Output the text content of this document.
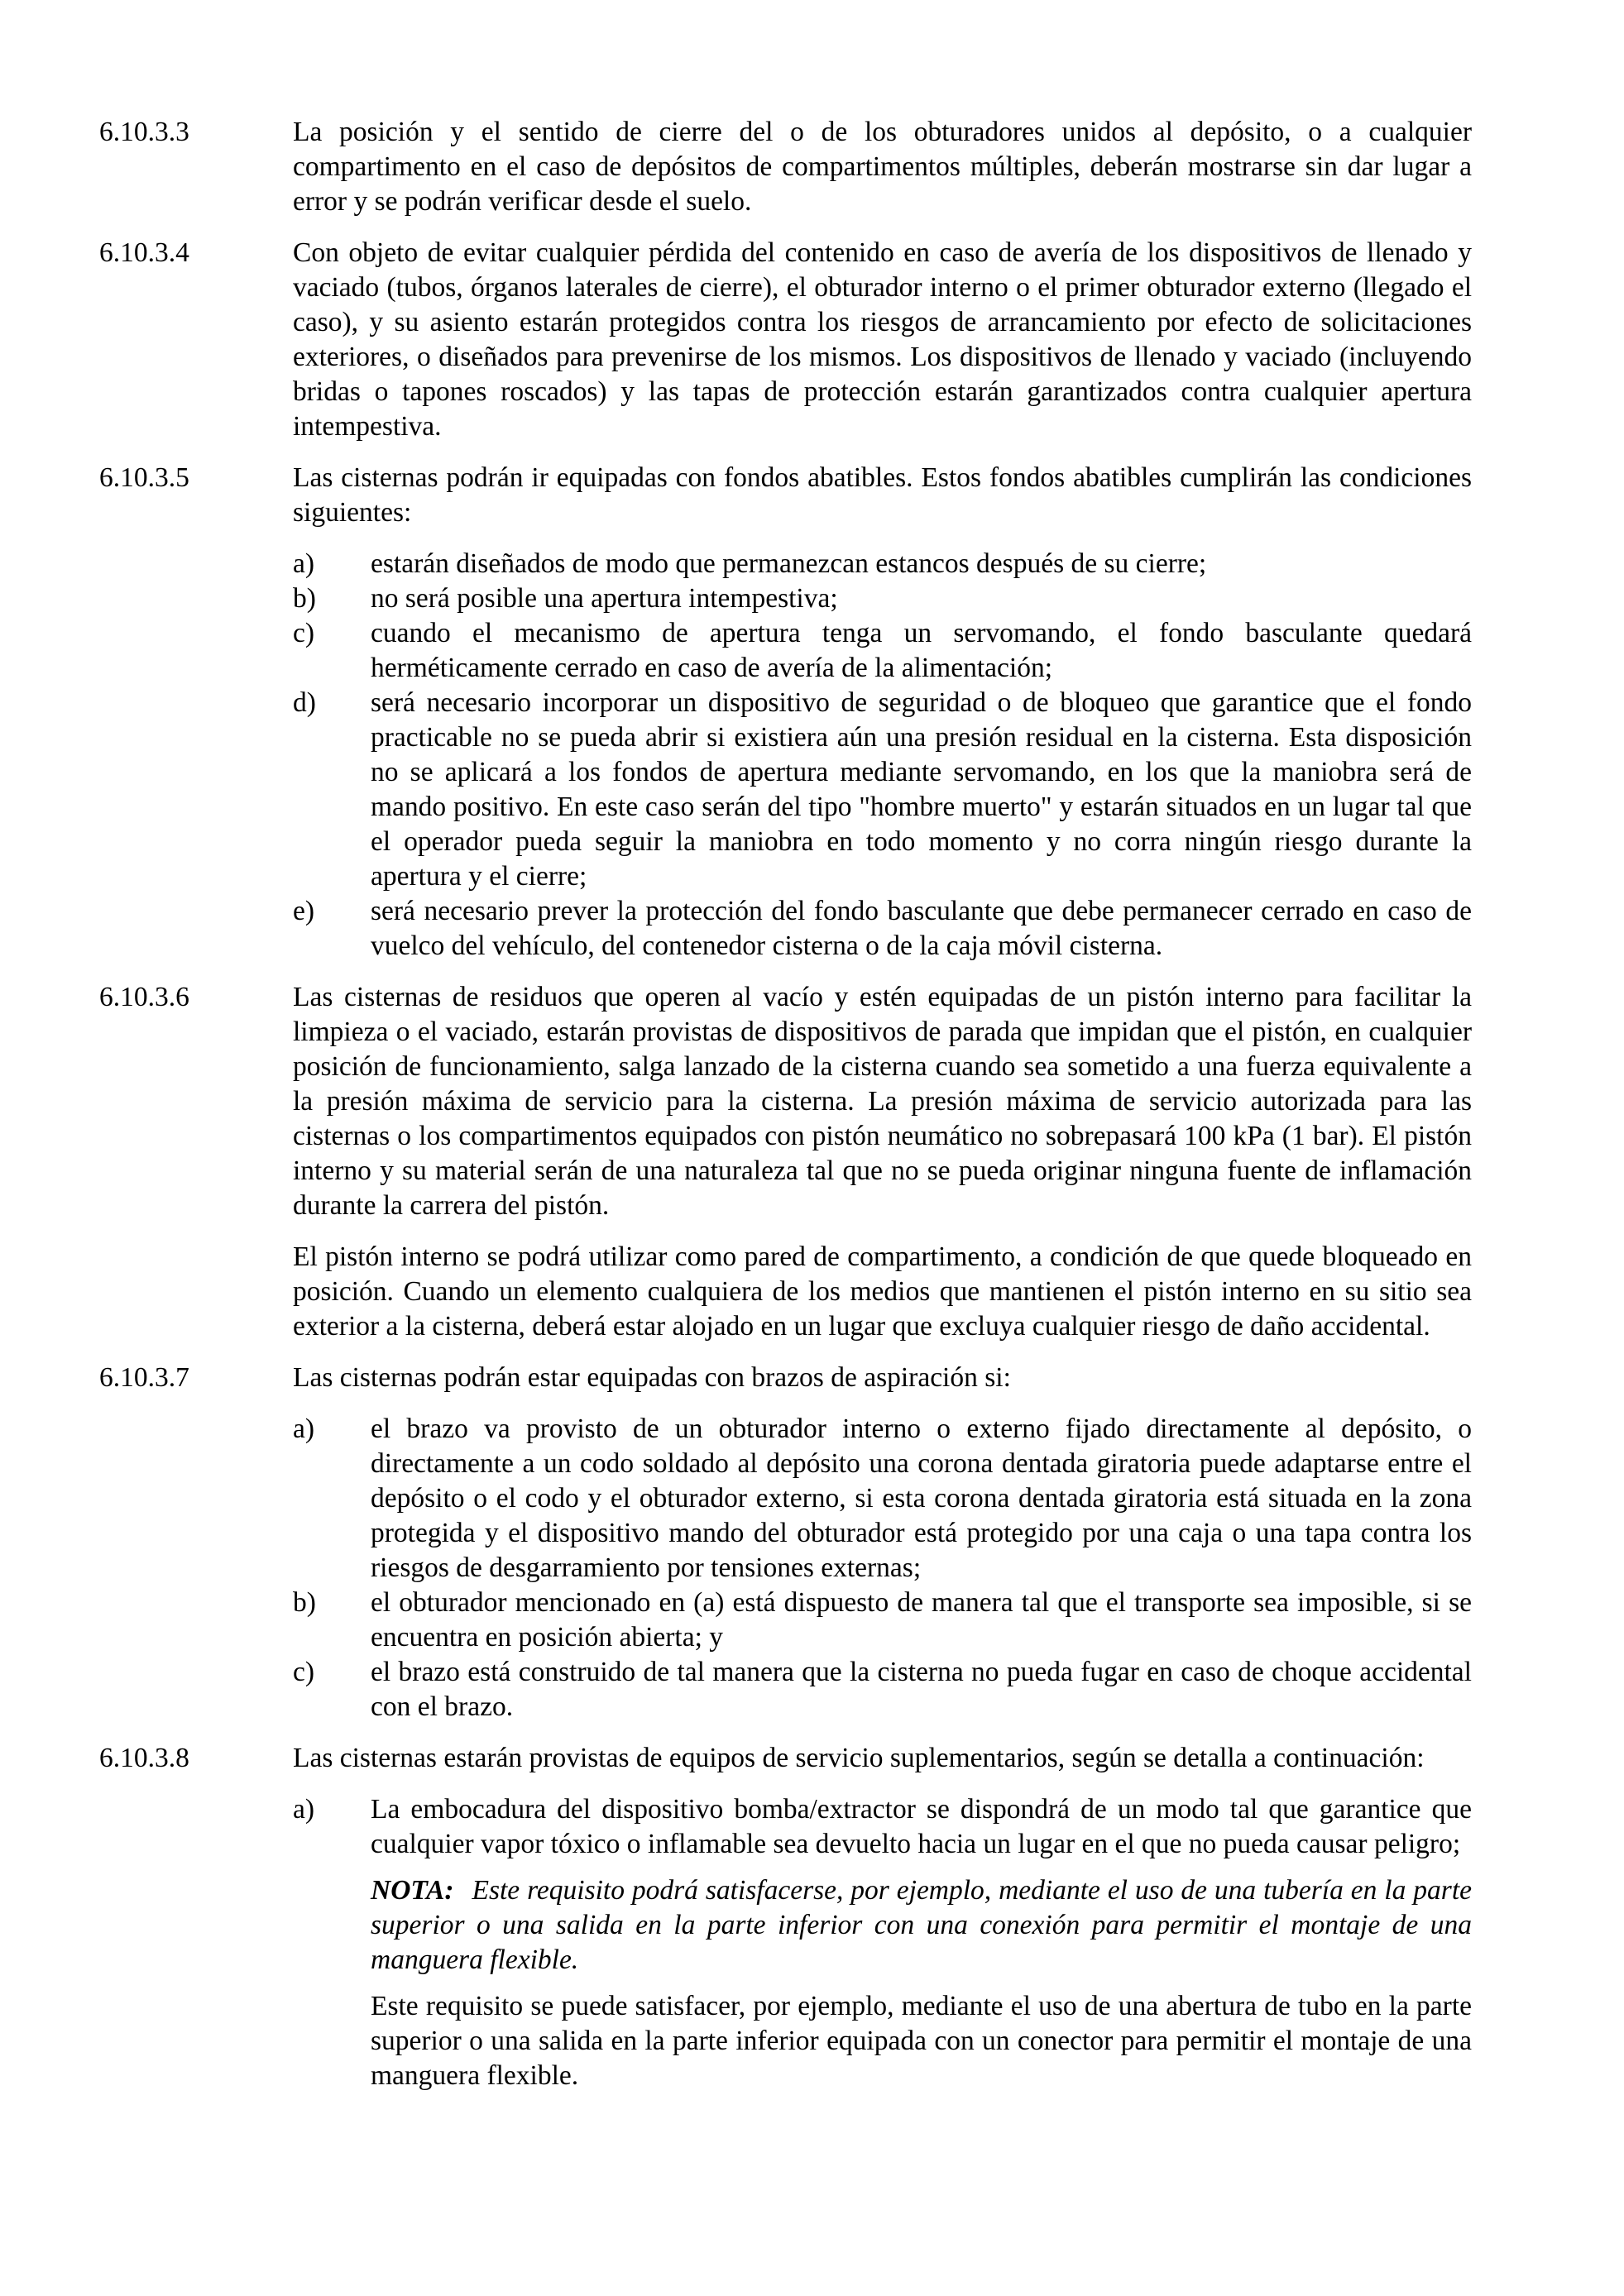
6.10.3.3	La posición y el sentido de cierre del o de los obturadores unidos al depósito, o a cualquier compartimento en el caso de depósitos de compartimentos múltiples, deberán mostrarse sin dar lugar a error y se podrán verificar desde el suelo.

6.10.3.4	Con objeto de evitar cualquier pérdida del contenido en caso de avería de los dispositivos de llenado y vaciado (tubos, órganos laterales de cierre), el obturador interno o el primer obturador externo (llegado el caso), y su asiento estarán protegidos contra los riesgos de arrancamiento por efecto de solicitaciones exteriores, o diseñados para prevenirse de los mismos. Los dispositivos de llenado y vaciado (incluyendo bridas o tapones roscados) y las tapas de protección estarán garantizados contra cualquier apertura intempestiva.

6.10.3.5	Las cisternas podrán ir equipadas con fondos abatibles. Estos fondos abatibles cumplirán las condiciones siguientes:

a)	estarán diseñados de modo que permanezcan estancos después de su cierre;

b)	no será posible una apertura intempestiva;

c)	cuando el mecanismo de apertura tenga un servomando, el fondo basculante quedará herméticamente cerrado en caso de avería de la alimentación;

d)	será necesario incorporar un dispositivo de seguridad o de bloqueo que garantice que el fondo practicable no se pueda abrir si existiera aún una presión residual en la cisterna. Esta disposición no se aplicará a los fondos de apertura mediante servomando, en los que la maniobra será de mando positivo. En este caso serán del tipo "hombre muerto" y estarán situados en un lugar tal que el operador pueda seguir la maniobra en todo momento y no corra ningún riesgo durante la apertura y el cierre;

e)	será necesario prever la protección del fondo basculante que debe permanecer cerrado en caso de vuelco del vehículo, del contenedor cisterna o de la caja móvil cisterna.

6.10.3.6	Las cisternas de residuos que operen al vacío y estén equipadas de un pistón interno para facilitar la limpieza o el vaciado, estarán provistas de dispositivos de parada que impidan que el pistón, en cualquier posición de funcionamiento, salga lanzado de la cisterna cuando sea sometido a una fuerza equivalente a la presión máxima de servicio para la cisterna. La presión máxima de servicio autorizada para las cisternas o los compartimentos equipados con pistón neumático no sobrepasará 100 kPa (1 bar). El pistón interno y su material serán de una naturaleza tal que no se pueda originar ninguna fuente de inflamación durante la carrera del pistón.

El pistón interno se podrá utilizar como pared de compartimento, a condición de que quede bloqueado en posición. Cuando un elemento cualquiera de los medios que mantienen el pistón interno en su sitio sea exterior a la cisterna, deberá estar alojado en un lugar que excluya cualquier riesgo de daño accidental.

6.10.3.7	Las cisternas podrán estar equipadas con brazos de aspiración si:

a)	el brazo va provisto de un obturador interno o externo fijado directamente al depósito, o directamente a un codo soldado al depósito una corona dentada giratoria puede adaptarse entre el depósito o el codo y el obturador externo, si esta corona dentada giratoria está situada en la zona protegida y el dispositivo mando del obturador está protegido por una caja o una tapa contra los riesgos de desgarramiento por tensiones externas;

b)	el obturador mencionado en (a) está dispuesto de manera tal que el transporte sea imposible, si se encuentra en posición abierta; y

c)	el brazo está construido de tal manera que la cisterna no pueda fugar en caso de choque accidental con el brazo.

6.10.3.8	Las cisternas estarán provistas de equipos de servicio suplementarios, según se detalla a continuación:

a)	La embocadura del dispositivo bomba/extractor se dispondrá de un modo tal que garantice que cualquier vapor tóxico o inflamable sea devuelto hacia un lugar en el que no pueda causar peligro;

NOTA: Este requisito podrá satisfacerse, por ejemplo, mediante el uso de una tubería en la parte superior o una salida en la parte inferior con una conexión para permitir el montaje de una manguera flexible.

Este requisito se puede satisfacer, por ejemplo, mediante el uso de una abertura de tubo en la parte superior o una salida en la parte inferior equipada con un conector para permitir el montaje de una manguera flexible.
